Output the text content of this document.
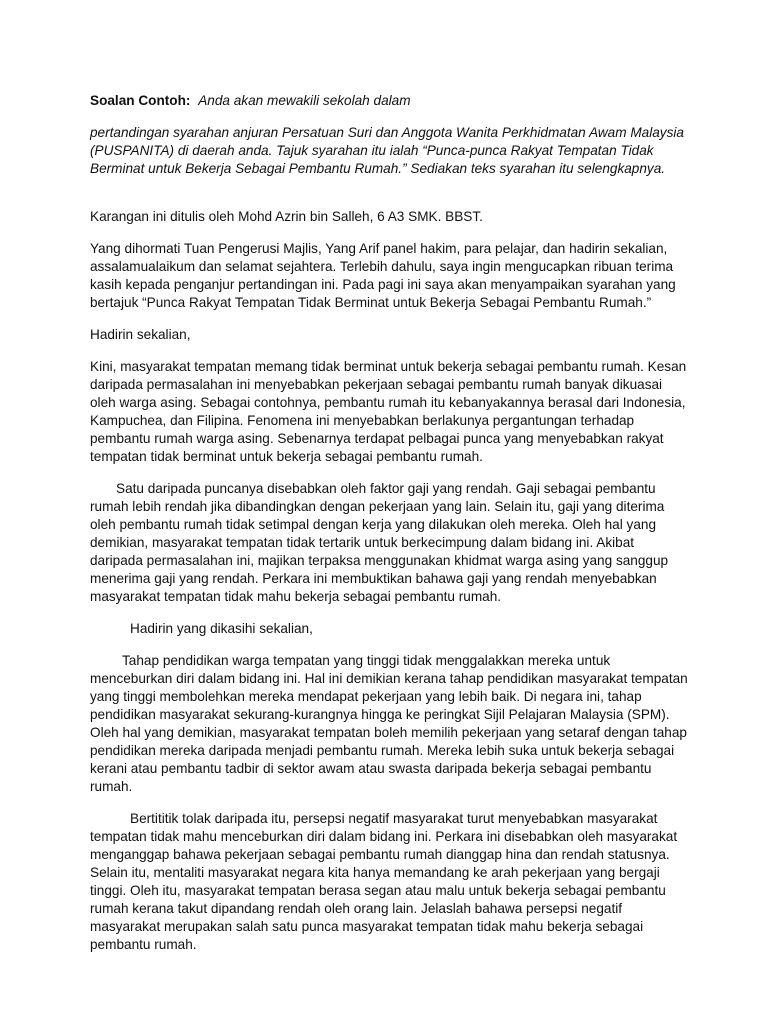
Soalan Contoh: Anda akan mewakili sekolah dalam

pertandingan syarahan anjuran Persatuan Suri dan Anggota Wanita Perkhidmatan Awam Malaysia (PUSPANITA) di daerah anda. Tajuk syarahan itu ialah “Punca-punca Rakyat Tempatan Tidak Berminat untuk Bekerja Sebagai Pembantu Rumah.” Sediakan teks syarahan itu selengkapnya.

Karangan ini ditulis oleh Mohd Azrin bin Salleh, 6 A3 SMK. BBST.

Yang dihormati Tuan Pengerusi Majlis, Yang Arif panel hakim, para pelajar, dan hadirin sekalian, assalamualaikum dan selamat sejahtera. Terlebih dahulu, saya ingin mengucapkan ribuan terima kasih kepada penganjur pertandingan ini. Pada pagi ini saya akan menyampaikan syarahan yang bertajuk “Punca Rakyat Tempatan Tidak Berminat untuk Bekerja Sebagai Pembantu Rumah.”

Hadirin sekalian,

Kini, masyarakat tempatan memang tidak berminat untuk bekerja sebagai pembantu rumah. Kesan daripada permasalahan ini menyebabkan pekerjaan sebagai pembantu rumah banyak dikuasai oleh warga asing. Sebagai contohnya, pembantu rumah itu kebanyakannya berasal dari Indonesia, Kampuchea, dan Filipina. Fenomena ini menyebabkan berlakunya pergantungan terhadap pembantu rumah warga asing. Sebenarnya terdapat pelbagai punca yang menyebabkan rakyat tempatan tidak berminat untuk bekerja sebagai pembantu rumah.

Satu daripada puncanya disebabkan oleh faktor gaji yang rendah. Gaji sebagai pembantu rumah lebih rendah jika dibandingkan dengan pekerjaan yang lain. Selain itu, gaji yang diterima oleh pembantu rumah tidak setimpal dengan kerja yang dilakukan oleh mereka. Oleh hal yang demikian, masyarakat tempatan tidak tertarik untuk berkecimpung dalam bidang ini. Akibat daripada permasalahan ini, majikan terpaksa menggunakan khidmat warga asing yang sanggup menerima gaji yang rendah. Perkara ini membuktikan bahawa gaji yang rendah menyebabkan masyarakat tempatan tidak mahu bekerja sebagai pembantu rumah.

Hadirin yang dikasihi sekalian,

Tahap pendidikan warga tempatan yang tinggi tidak menggalakkan mereka untuk menceburkan diri dalam bidang ini. Hal ini demikian kerana tahap pendidikan masyarakat tempatan yang tinggi membolehkan mereka mendapat pekerjaan yang lebih baik. Di negara ini, tahap pendidikan masyarakat sekurang-kurangnya hingga ke peringkat Sijil Pelajaran Malaysia (SPM). Oleh hal yang demikian, masyarakat tempatan boleh memilih pekerjaan yang setaraf dengan tahap pendidikan mereka daripada menjadi pembantu rumah. Mereka lebih suka untuk bekerja sebagai kerani atau pembantu tadbir di sektor awam atau swasta daripada bekerja sebagai pembantu rumah.

Bertititik tolak daripada itu, persepsi negatif masyarakat turut menyebabkan masyarakat tempatan tidak mahu menceburkan diri dalam bidang ini. Perkara ini disebabkan oleh masyarakat menganggap bahawa pekerjaan sebagai pembantu rumah dianggap hina dan rendah statusnya. Selain itu, mentaliti masyarakat negara kita hanya memandang ke arah pekerjaan yang bergaji tinggi. Oleh itu, masyarakat tempatan berasa segan atau malu untuk bekerja sebagai pembantu rumah kerana takut dipandang rendah oleh orang lain. Jelaslah bahawa persepsi negatif masyarakat merupakan salah satu punca masyarakat tempatan tidak mahu bekerja sebagai pembantu rumah.
